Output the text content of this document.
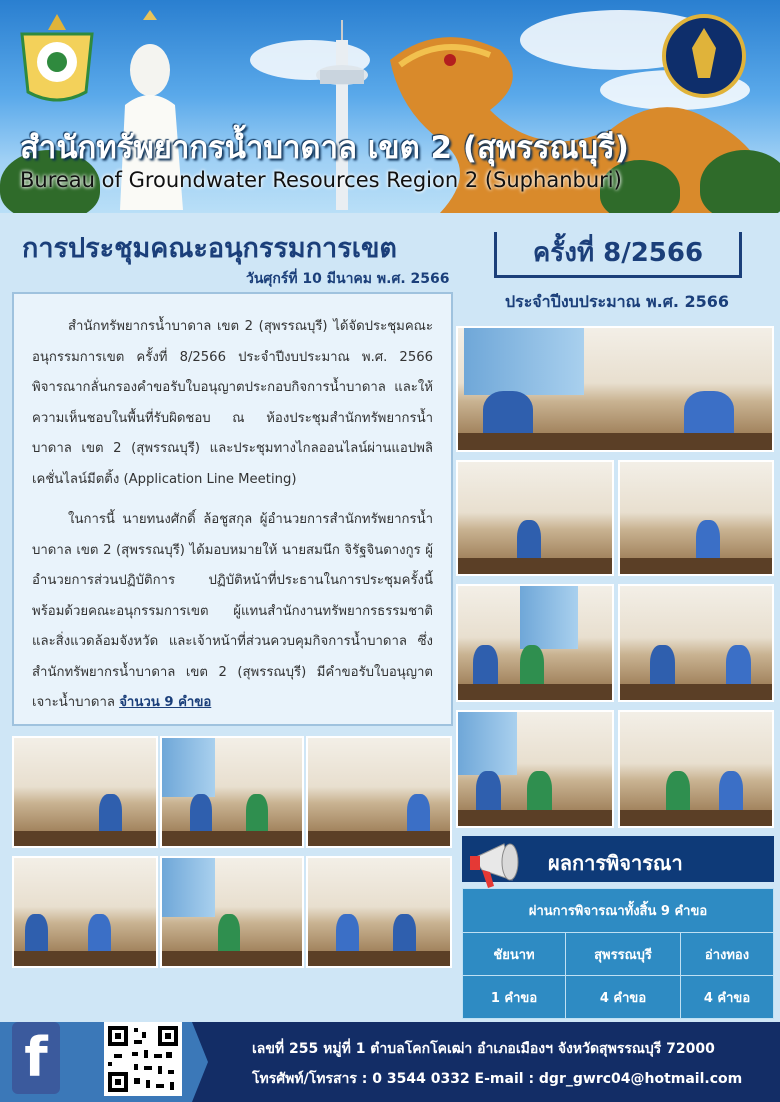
สำนักทรัพยากรน้ำบาดาล เขต 2 (สุพรรณบุรี)
Bureau of Groundwater Resources Region 2 (Suphanburi)
การประชุมคณะอนุกรรมการเขต
วันศุกร์ที่ 10 มีนาคม พ.ศ. 2566
ครั้งที่ 8/2566
ประจำปีงบประมาณ พ.ศ. 2566

สำนักทรัพยากรน้ำบาดาล เขต 2 (สุพรรณบุรี) ได้จัดประชุมคณะอนุกรรมการเขต ครั้งที่ 8/2566 ประจำปีงบประมาณ พ.ศ. 2566 พิจารณากลั่นกรองคำขอรับใบอนุญาตประกอบกิจการน้ำบาดาล และให้ความเห็นชอบในพื้นที่รับผิดชอบ ณ ห้องประชุมสำนักทรัพยากรน้ำบาดาล เขต 2 (สุพรรณบุรี) และประชุมทางไกลออนไลน์ผ่านแอปพลิเคชั่นไลน์มีตติ้ง (Application Line Meeting)

ในการนี้ นายทนงศักดิ์ ล้อชูสกุล ผู้อำนวยการสำนักทรัพยากรน้ำบาดาล เขต 2 (สุพรรณบุรี) ได้มอบหมายให้ นายสมนึก จิรัฐจินดางกูร ผู้อำนวยการส่วนปฏิบัติการ ปฏิบัติหน้าที่ประธานในการประชุมครั้งนี้ พร้อมด้วยคณะอนุกรรมการเขต ผู้แทนสำนักงานทรัพยากรธรรมชาติและสิ่งแวดล้อมจังหวัด และเจ้าหน้าที่ส่วนควบคุมกิจการน้ำบาดาล ซึ่งสำนักทรัพยากรน้ำบาดาล เขต 2 (สุพรรณบุรี) มีคำขอรับใบอนุญาตเจาะน้ำบาดาล จำนวน 9 คำขอ

ผลการพิจารณา
ผ่านการพิจารณาทั้งสิ้น 9 คำขอ		
ชัยนาท	สุพรรณบุรี	อ่างทอง
1 คำขอ	4 คำขอ	4 คำขอ
f	เลขที่ 255 หมู่ที่ 1 ตำบลโคกโคเฒ่า อำเภอเมืองฯ จังหวัดสุพรรณบุรี 72000
โทรศัพท์/โทรสาร : 0 3544 0332 E-mail : dgr_gwrc04@hotmail.com
